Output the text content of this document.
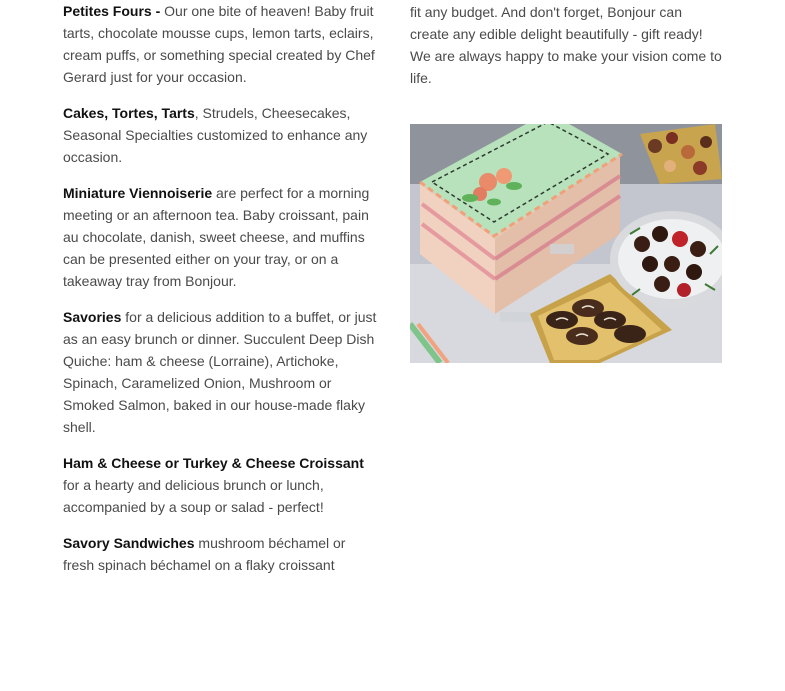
Petites Fours - Our one bite of heaven! Baby fruit tarts, chocolate mousse cups, lemon tarts, eclairs, cream puffs, or something special created by Chef Gerard just for your occasion.

Cakes, Tortes, Tarts, Strudels, Cheesecakes, Seasonal Specialties customized to enhance any occasion.

Miniature Viennoiserie are perfect for a morning meeting or an afternoon tea. Baby croissant, pain au chocolate, danish, sweet cheese, and muffins can be presented either on your tray, or on a takeaway tray from Bonjour.

Savories for a delicious addition to a buffet, or just as an easy brunch or dinner. Succulent Deep Dish Quiche: ham & cheese (Lorraine), Artichoke, Spinach, Caramelized Onion, Mushroom or Smoked Salmon, baked in our house-made flaky shell.

Ham & Cheese or Turkey & Cheese Croissant for a hearty and delicious brunch or lunch, accompanied by a soup or salad - perfect!

Savory Sandwiches mushroom béchamel or fresh spinach béchamel on a flaky croissant

fit any budget. And don't forget, Bonjour can create any edible delight beautifully - gift ready! We are always happy to make your vision come to life.
